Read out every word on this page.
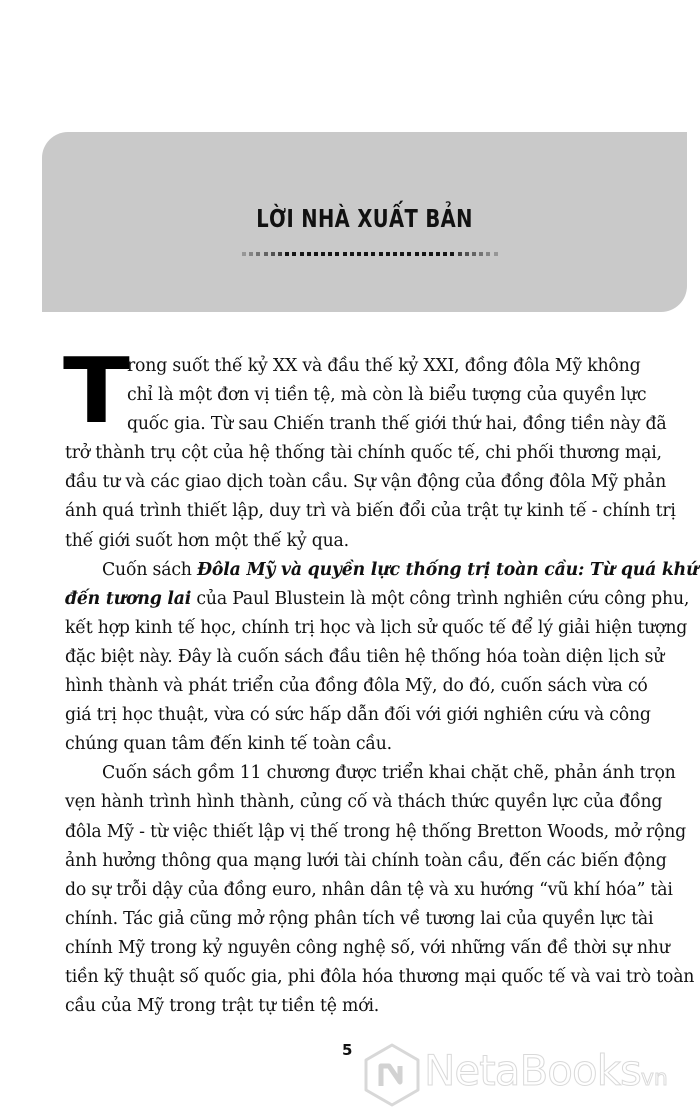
LỜI NHÀ XUẤT BẢN
T
rong suốt thế kỷ XX và đầu thế kỷ XXI, đồng đôla Mỹ không
chỉ là một đơn vị tiền tệ, mà còn là biểu tượng của quyền lực
quốc gia. Từ sau Chiến tranh thế giới thứ hai, đồng tiền này đã
trở thành trụ cột của hệ thống tài chính quốc tế, chi phối thương mại,
đầu tư và các giao dịch toàn cầu. Sự vận động của đồng đôla Mỹ phản
ánh quá trình thiết lập, duy trì và biến đổi của trật tự kinh tế - chính trị
thế giới suốt hơn một thế kỷ qua.
Cuốn sách Đôla Mỹ và quyền lực thống trị toàn cầu: Từ quá khứ
đến tương lai của Paul Blustein là một công trình nghiên cứu công phu,
kết hợp kinh tế học, chính trị học và lịch sử quốc tế để lý giải hiện tượng
đặc biệt này. Đây là cuốn sách đầu tiên hệ thống hóa toàn diện lịch sử
hình thành và phát triển của đồng đôla Mỹ, do đó, cuốn sách vừa có
giá trị học thuật, vừa có sức hấp dẫn đối với giới nghiên cứu và công
chúng quan tâm đến kinh tế toàn cầu.
Cuốn sách gồm 11 chương được triển khai chặt chẽ, phản ánh trọn
vẹn hành trình hình thành, củng cố và thách thức quyền lực của đồng
đôla Mỹ - từ việc thiết lập vị thế trong hệ thống Bretton Woods, mở rộng
ảnh hưởng thông qua mạng lưới tài chính toàn cầu, đến các biến động
do sự trỗi dậy của đồng euro, nhân dân tệ và xu hướng “vũ khí hóa” tài
chính. Tác giả cũng mở rộng phân tích về tương lai của quyền lực tài
chính Mỹ trong kỷ nguyên công nghệ số, với những vấn đề thời sự như
tiền kỹ thuật số quốc gia, phi đôla hóa thương mại quốc tế và vai trò toàn
cầu của Mỹ trong trật tự tiền tệ mới.
5 NetaBooksvn
